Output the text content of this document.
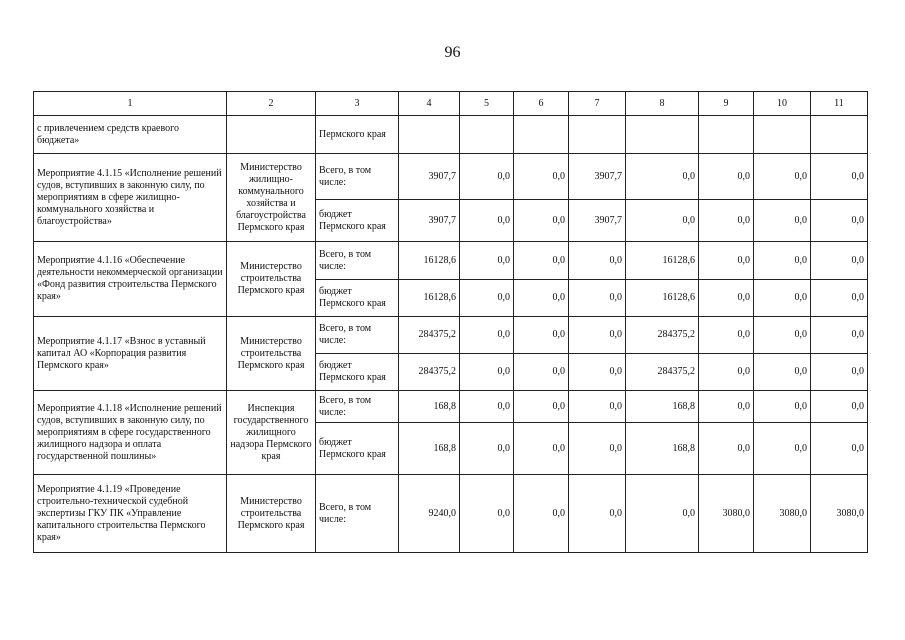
96
1	2	3	4	5	6	7	8	9	10	11
с привлечением средств краевого бюджета»		Пермского края								
Мероприятие 4.1.15 «Исполнение решений судов, вступивших в законную силу, по мероприятиям в сфере жилищно-коммунального хозяйства и благоустройства»	Министерство жилищно-коммунального хозяйства и благоустройства Пермского края	Всего, в том числе:	3907,7	0,0	0,0	3907,7	0,0	0,0	0,0	0,0
		бюджет Пермского края	3907,7	0,0	0,0	3907,7	0,0	0,0	0,0	0,0
Мероприятие 4.1.16 «Обеспечение деятельности некоммерческой организации «Фонд развития строительства Пермского края»	Министерство строительства Пермского края	Всего, в том числе:	16128,6	0,0	0,0	0,0	16128,6	0,0	0,0	0,0
		бюджет Пермского края	16128,6	0,0	0,0	0,0	16128,6	0,0	0,0	0,0
Мероприятие 4.1.17 «Взнос в уставный капитал АО «Корпорация развития Пермского края»	Министерство строительства Пермского края	Всего, в том числе:	284375,2	0,0	0,0	0,0	284375,2	0,0	0,0	0,0
		бюджет Пермского края	284375,2	0,0	0,0	0,0	284375,2	0,0	0,0	0,0
Мероприятие 4.1.18 «Исполнение решений судов, вступивших в законную силу, по мероприятиям в сфере государственного жилищного надзора и оплата государственной пошлины»	Инспекция государственного жилищного надзора Пермского края	Всего, в том числе:	168,8	0,0	0,0	0,0	168,8	0,0	0,0	0,0
		бюджет Пермского края	168,8	0,0	0,0	0,0	168,8	0,0	0,0	0,0
Мероприятие 4.1.19 «Проведение строительно-технической судебной экспертизы ГКУ ПК «Управление капитального строительства Пермского края»	Министерство строительства Пермского края	Всего, в том числе:	9240,0	0,0	0,0	0,0	0,0	3080,0	3080,0	3080,0
